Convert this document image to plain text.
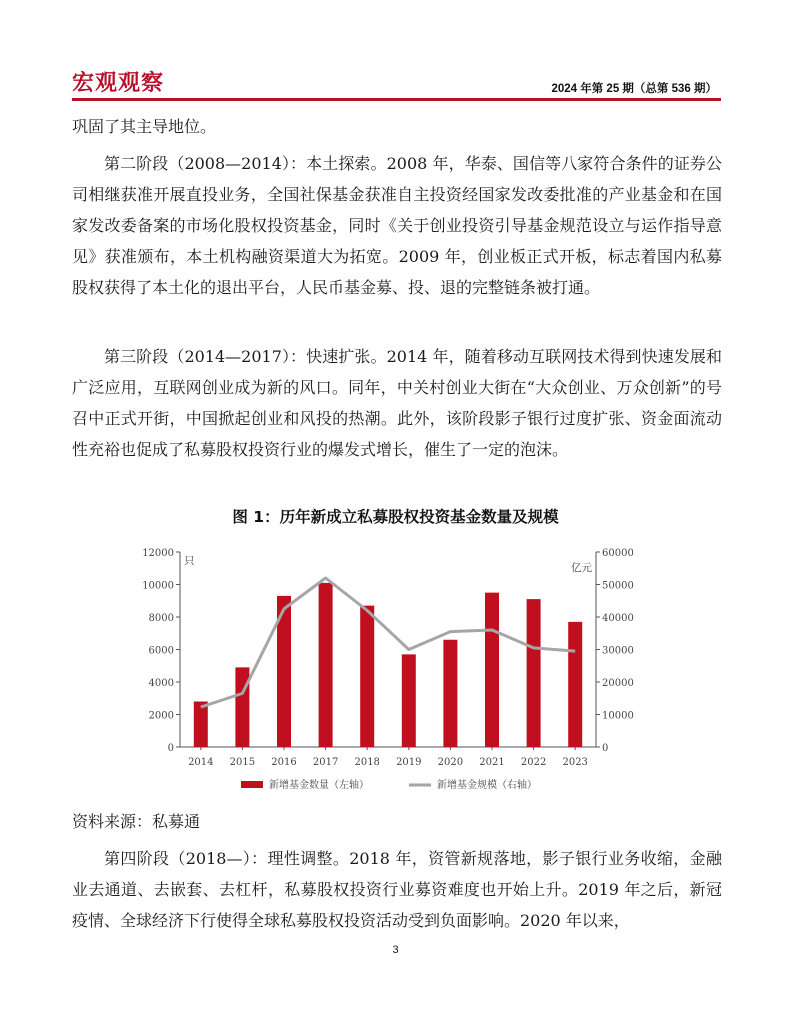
宏观观察	2024 年第 25 期（总第 536 期）

巩固了其主导地位。

第二阶段（2008—2014）：本土探索。2008 年，华泰、国信等八家符合条件的证券公司相继获准开展直投业务，全国社保基金获准自主投资经国家发改委批准的产业基金和在国家发改委备案的市场化股权投资基金，同时《关于创业投资引导基金规范设立与运作指导意见》获准颁布，本土机构融资渠道大为拓宽。2009 年，创业板正式开板，标志着国内私募股权获得了本土化的退出平台，人民币基金募、投、退的完整链条被打通。

第三阶段（2014—2017）：快速扩张。2014 年，随着移动互联网技术得到快速发展和广泛应用，互联网创业成为新的风口。同年，中关村创业大街在“大众创业、万众创新”的号召中正式开街，中国掀起创业和风投的热潮。此外，该阶段影子银行过度扩张、资金面流动性充裕也促成了私募股权投资行业的爆发式增长，催生了一定的泡沫。

图 1：历年新成立私募股权投资基金数量及规模
0
2000
4000
6000
8000
10000
12000
0
10000
20000
30000
40000
50000
60000
只
亿元
2014 2015 2016 2017 2018 2019 2020 2021 2022 2023
新增基金数量（左轴）	新增基金规模（右轴）
资料来源：私募通

第四阶段（2018—）：理性调整。2018 年，资管新规落地，影子银行业务收缩，金融业去通道、去嵌套、去杠杆，私募股权投资行业募资难度也开始上升。2019 年之后，新冠疫情、全球经济下行使得全球私募股权投资活动受到负面影响。2020 年以来，

3
